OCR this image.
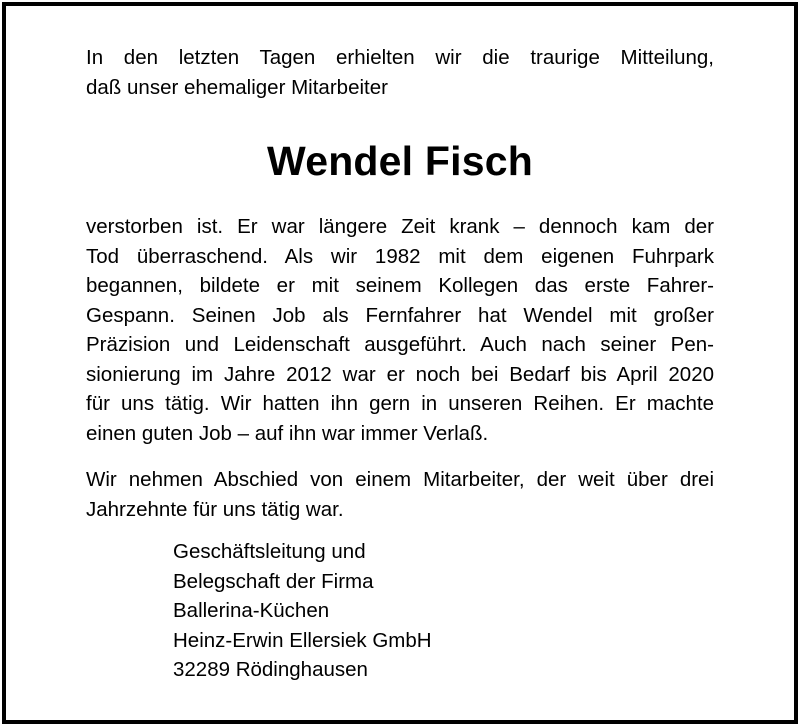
In den letzten Tagen erhielten wir die traurige Mitteilung,
daß unser ehemaliger Mitarbeiter

Wendel Fisch

verstorben ist. Er war längere Zeit krank – dennoch kam der
Tod überraschend. Als wir 1982 mit dem eigenen Fuhrpark
begannen, bildete er mit seinem Kollegen das erste Fahrer-
Gespann. Seinen Job als Fernfahrer hat Wendel mit großer
Präzision und Leidenschaft ausgeführt. Auch nach seiner Pen-
sionierung im Jahre 2012 war er noch bei Bedarf bis April 2020
für uns tätig. Wir hatten ihn gern in unseren Reihen. Er machte
einen guten Job – auf ihn war immer Verlaß.

Wir nehmen Abschied von einem Mitarbeiter, der weit über drei
Jahrzehnte für uns tätig war.

Geschäftsleitung und
Belegschaft der Firma
Ballerina-Küchen
Heinz-Erwin Ellersiek GmbH
32289 Rödinghausen
